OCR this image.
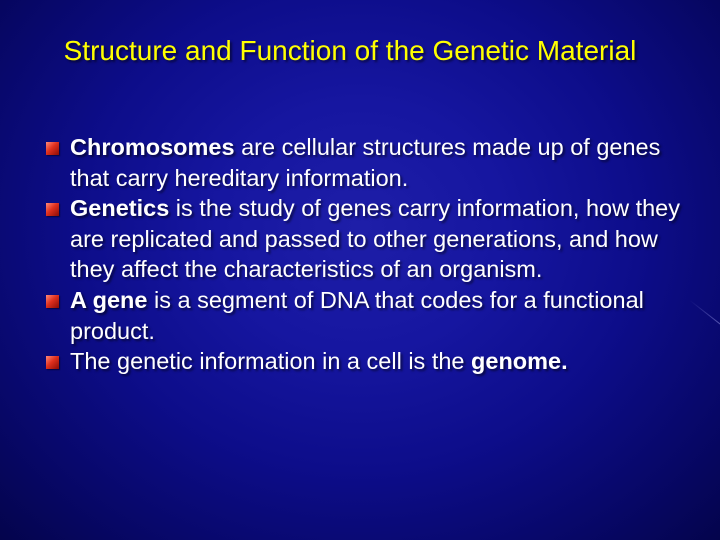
Structure and Function of the Genetic Material
Chromosomes are cellular structures made up of genes that carry hereditary information.
Genetics is the study of genes carry information, how they are replicated and passed to other generations, and how they affect the characteristics of an organism.
A gene is a segment of DNA that codes for a functional product.
The genetic information in a cell is the genome.
